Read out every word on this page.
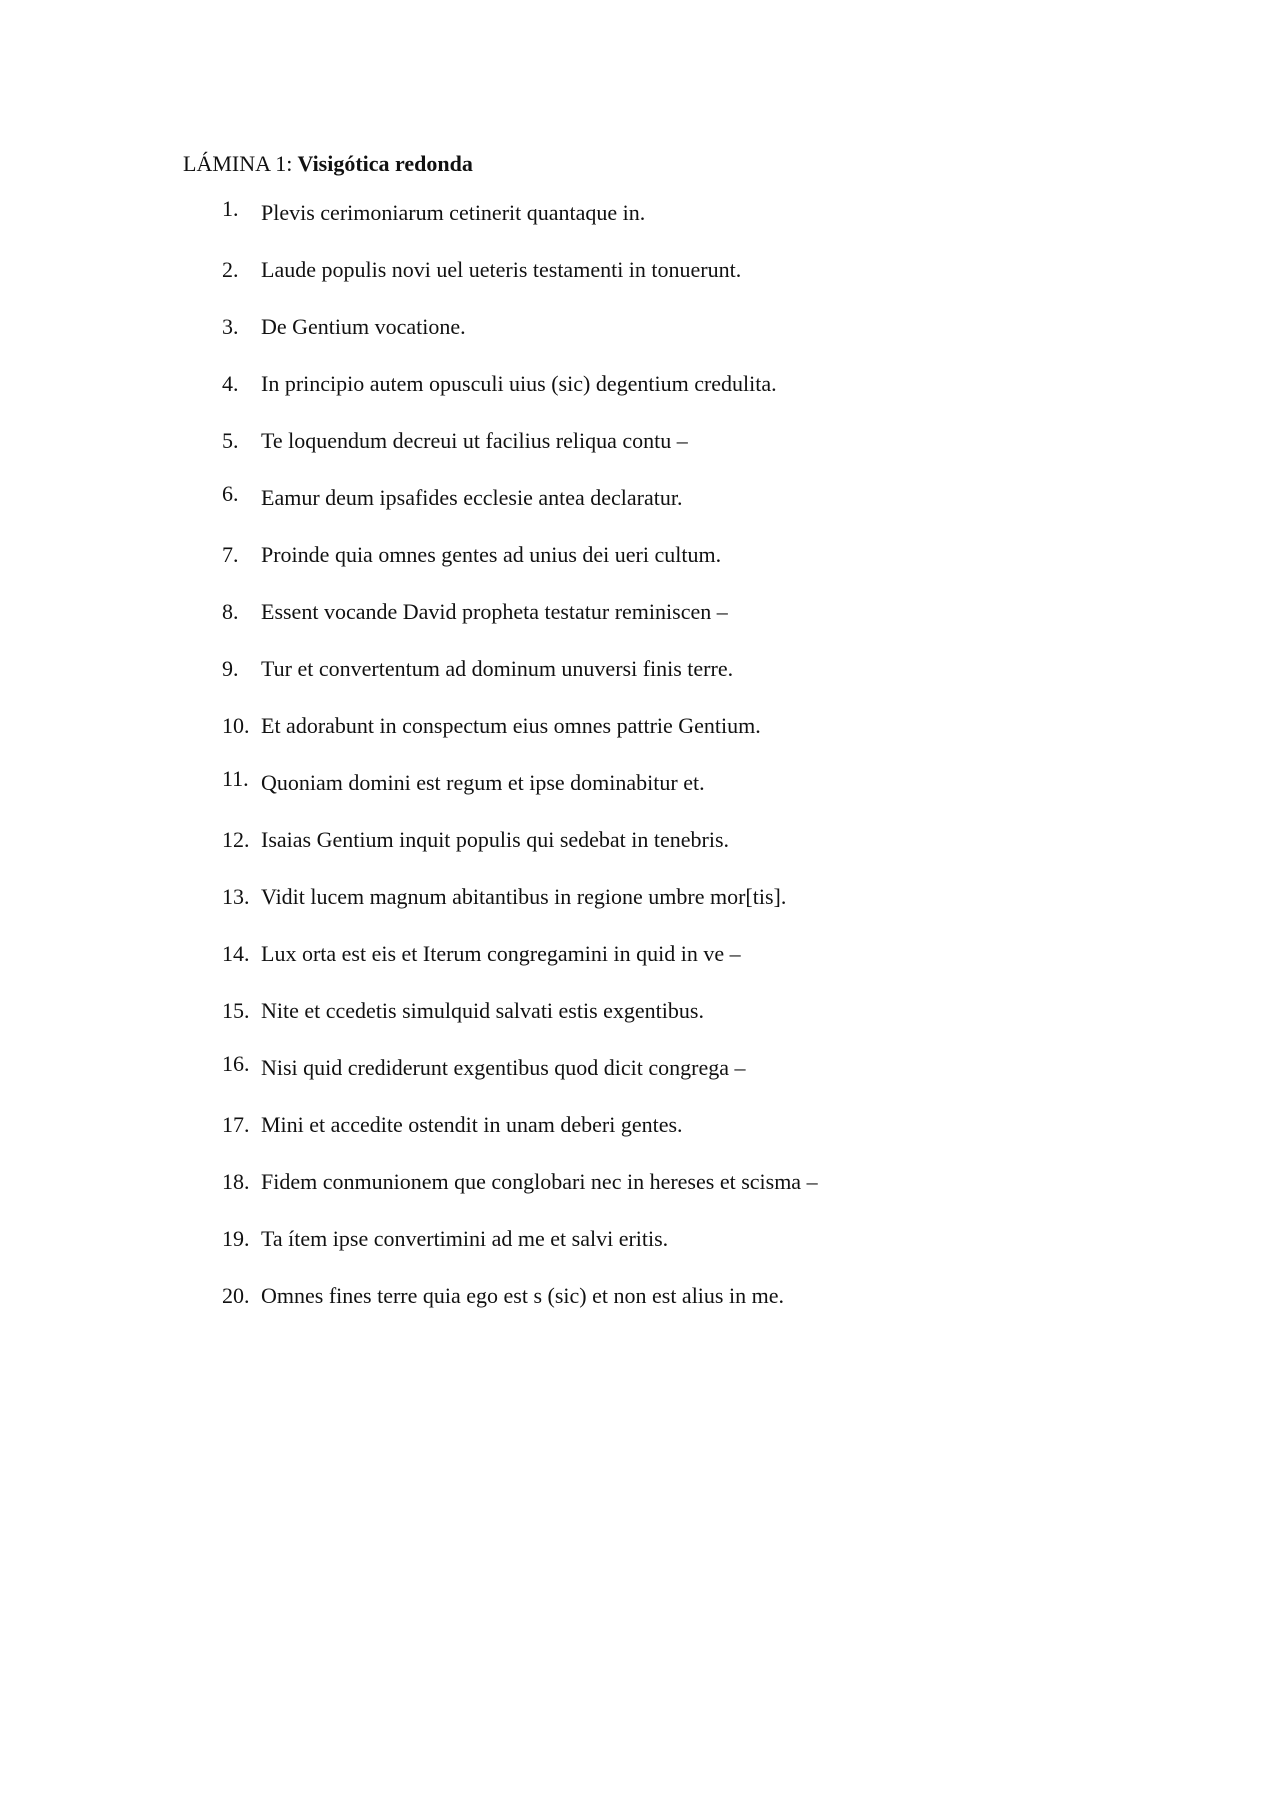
LÁMINA 1: Visigótica redonda
1.	Plevis cerimoniarum cetinerit quantaque in.
2.	Laude populis novi uel ueteris testamenti in tonuerunt.
3.	De Gentium vocatione.
4.	In principio autem opusculi uius (sic) degentium credulita.
5.	Te loquendum decreui ut facilius reliqua contu –
6.	Eamur deum ipsafides ecclesie antea declaratur.
7.	Proinde quia omnes gentes ad unius dei ueri cultum.
8.	Essent vocande David propheta testatur reminiscen –
9.	Tur et convertentum ad dominum unuversi finis terre.
10. Et adorabunt in conspectum eius omnes pattrie Gentium.
11. Quoniam domini est regum et ipse dominabitur et.
12. Isaias Gentium inquit populis qui sedebat in tenebris.
13. Vidit lucem magnum abitantibus in regione umbre mor[tis].
14. Lux orta est eis et Iterum congregamini in quid in ve –
15. Nite et ccedetis simulquid salvati estis exgentibus.
16. Nisi quid crediderunt exgentibus quod dicit congrega –
17. Mini et accedite ostendit in unam deberi gentes.
18. Fidem conmunionem que conglobari nec in hereses et scisma –
19. Ta ítem ipse convertimini ad me et salvi eritis.
20. Omnes fines terre quia ego est s (sic) et non est alius in me.
